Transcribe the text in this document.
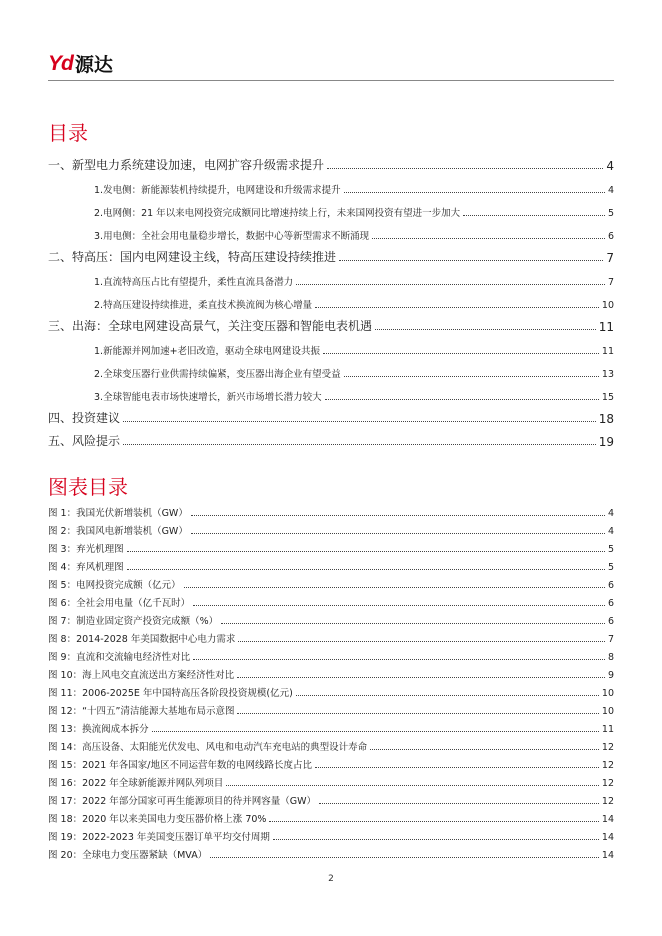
Yd 源达
目录
一、新型电力系统建设加速，电网扩容升级需求提升	4
1.发电侧：新能源装机持续提升，电网建设和升级需求提升	4
2.电网侧：21 年以来电网投资完成额同比增速持续上行，未来国网投资有望进一步加大	5
3.用电侧：全社会用电量稳步增长，数据中心等新型需求不断涌现	6
二、特高压：国内电网建设主线，特高压建设持续推进	7
1.直流特高压占比有望提升，柔性直流具备潜力	7
2.特高压建设持续推进，柔直技术换流阀为核心增量	10
三、出海：全球电网建设高景气，关注变压器和智能电表机遇	11
1.新能源并网加速+老旧改造，驱动全球电网建设共振	11
2.全球变压器行业供需持续偏紧，变压器出海企业有望受益	13
3.全球智能电表市场快速增长，新兴市场增长潜力较大	15
四、投资建议	18
五、风险提示	19
图表目录
图 1：我国光伏新增装机（GW）	4
图 2：我国风电新增装机（GW）	4
图 3：弃光机理图	5
图 4：弃风机理图	5
图 5：电网投资完成额（亿元）	6
图 6：全社会用电量（亿千瓦时）	6
图 7：制造业固定资产投资完成额（%）	6
图 8：2014-2028 年美国数据中心电力需求	7
图 9：直流和交流输电经济性对比	8
图 10：海上风电交直流送出方案经济性对比	9
图 11：2006-2025E 年中国特高压各阶段投资规模(亿元)	10
图 12：“十四五”清洁能源大基地布局示意图	10
图 13：换流阀成本拆分	11
图 14：高压设备、太阳能光伏发电、风电和电动汽车充电站的典型设计寿命	12
图 15：2021 年各国家/地区不同运营年数的电网线路长度占比	12
图 16：2022 年全球新能源并网队列项目	12
图 17：2022 年部分国家可再生能源项目的待并网容量（GW）	12
图 18：2020 年以来美国电力变压器价格上涨 70%	14
图 19：2022-2023 年美国变压器订单平均交付周期	14
图 20：全球电力变压器紧缺（MVA）	14
2
